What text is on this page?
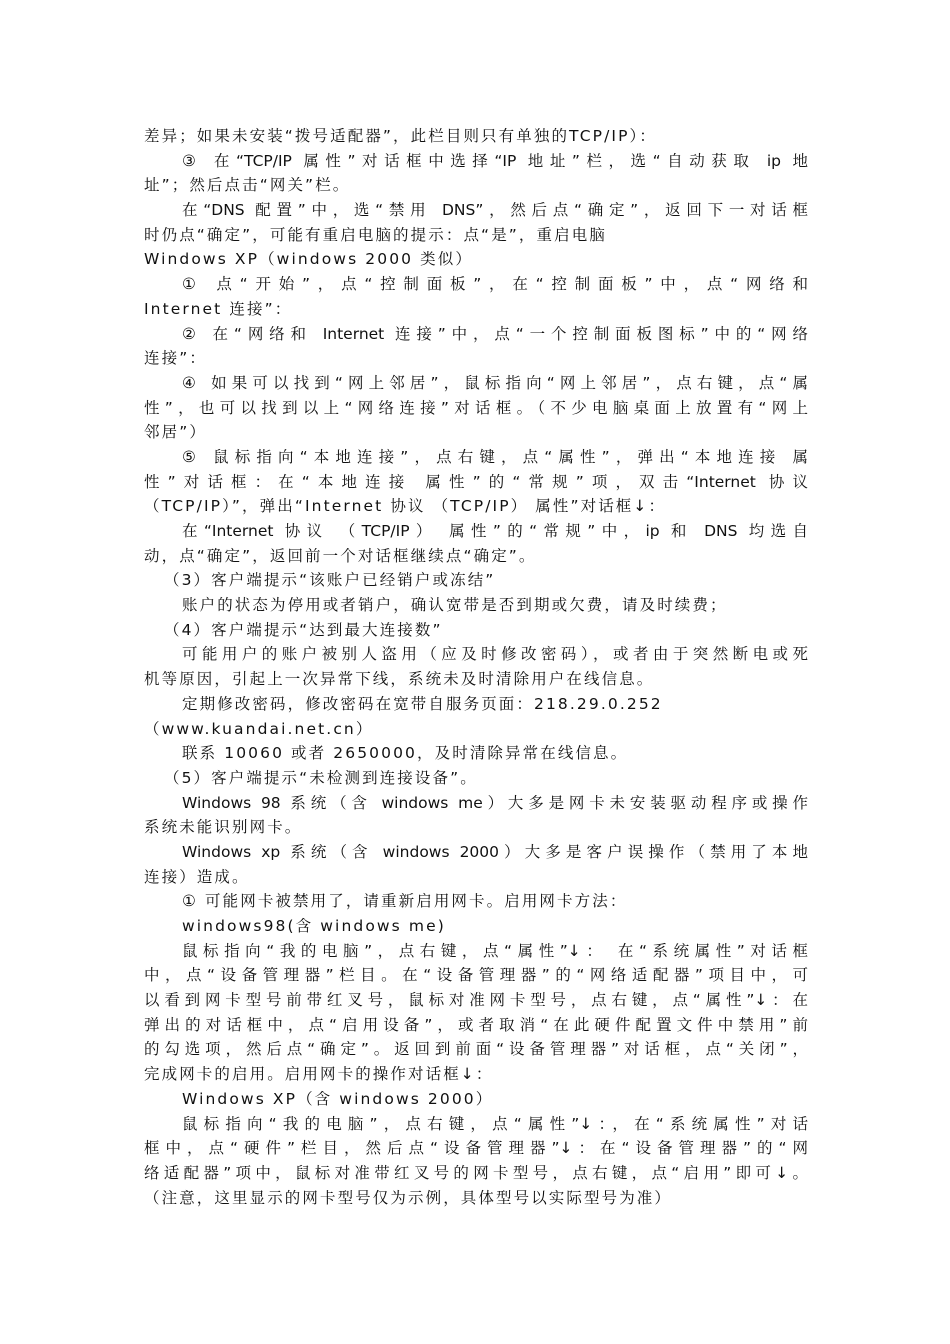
差异；如果未安装“拨号适配器”，此栏目则只有单独的TCP/IP）：
③ 在“TCP/IP 属性”对话框中选择“IP 地址”栏，选“自动获取 ip 地
址”；然后点击“网关”栏。
在“DNS 配置”中，选“禁用 DNS”，然后点“确定”，返回下一对话框
时仍点“确定”，可能有重启电脑的提示：点“是”，重启电脑
Windows XP（windows 2000 类似）
① 点“开始”，点“控制面板”，在“控制面板”中，点“网络和
Internet 连接”：
② 在“网络和 Internet 连接”中，点“一个控制面板图标”中的“网络
连接”：
④ 如果可以找到“网上邻居”，鼠标指向“网上邻居”，点右键，点“属
性”，也可以找到以上“网络连接”对话框。（不少电脑桌面上放置有“网上
邻居”）
⑤ 鼠标指向“本地连接”，点右键，点“属性”，弹出“本地连接 属
性”对话框：在“本地连接 属性”的“常规”项，双击“Internet 协议
（TCP/IP）”，弹出“Internet 协议 （TCP/IP） 属性”对话框↓：
在“Internet 协议 （TCP/IP） 属性”的“常规”中，ip 和 DNS 均选自
动，点“确定”，返回前一个对话框继续点“确定”。
（3）客户端提示“该账户已经销户或冻结”
账户的状态为停用或者销户，确认宽带是否到期或欠费，请及时续费；
（4）客户端提示“达到最大连接数”
可能用户的账户被别人盗用（应及时修改密码），或者由于突然断电或死
机等原因，引起上一次异常下线，系统未及时清除用户在线信息。
定期修改密码，修改密码在宽带自服务页面：218.29.0.252
（www.kuandai.net.cn）
联系 10060 或者 2650000，及时清除异常在线信息。
（5）客户端提示“未检测到连接设备”。
Windows 98 系统（含 windows me）大多是网卡未安装驱动程序或操作
系统未能识别网卡。
Windows xp 系统（含 windows 2000）大多是客户误操作（禁用了本地
连接）造成。
① 可能网卡被禁用了，请重新启用网卡。启用网卡方法：
windows98(含 windows me)
鼠标指向“我的电脑”，点右键，点“属性”↓： 在“系统属性”对话框
中，点“设备管理器”栏目。在“设备管理器”的“网络适配器”项目中，可
以看到网卡型号前带红叉号，鼠标对准网卡型号，点右键，点“属性”↓：在
弹出的对话框中，点“启用设备”，或者取消“在此硬件配置文件中禁用”前
的勾选项，然后点“确定”。返回到前面“设备管理器”对话框，点“关闭”，
完成网卡的启用。启用网卡的操作对话框↓：
Windows XP（含 windows 2000）
鼠标指向“我的电脑”，点右键，点“属性”↓：，在“系统属性”对话
框中，点“硬件”栏目，然后点“设备管理器”↓：在“设备管理器”的“网
络适配器”项中，鼠标对准带红叉号的网卡型号，点右键，点“启用”即可↓。
（注意，这里显示的网卡型号仅为示例，具体型号以实际型号为准）
